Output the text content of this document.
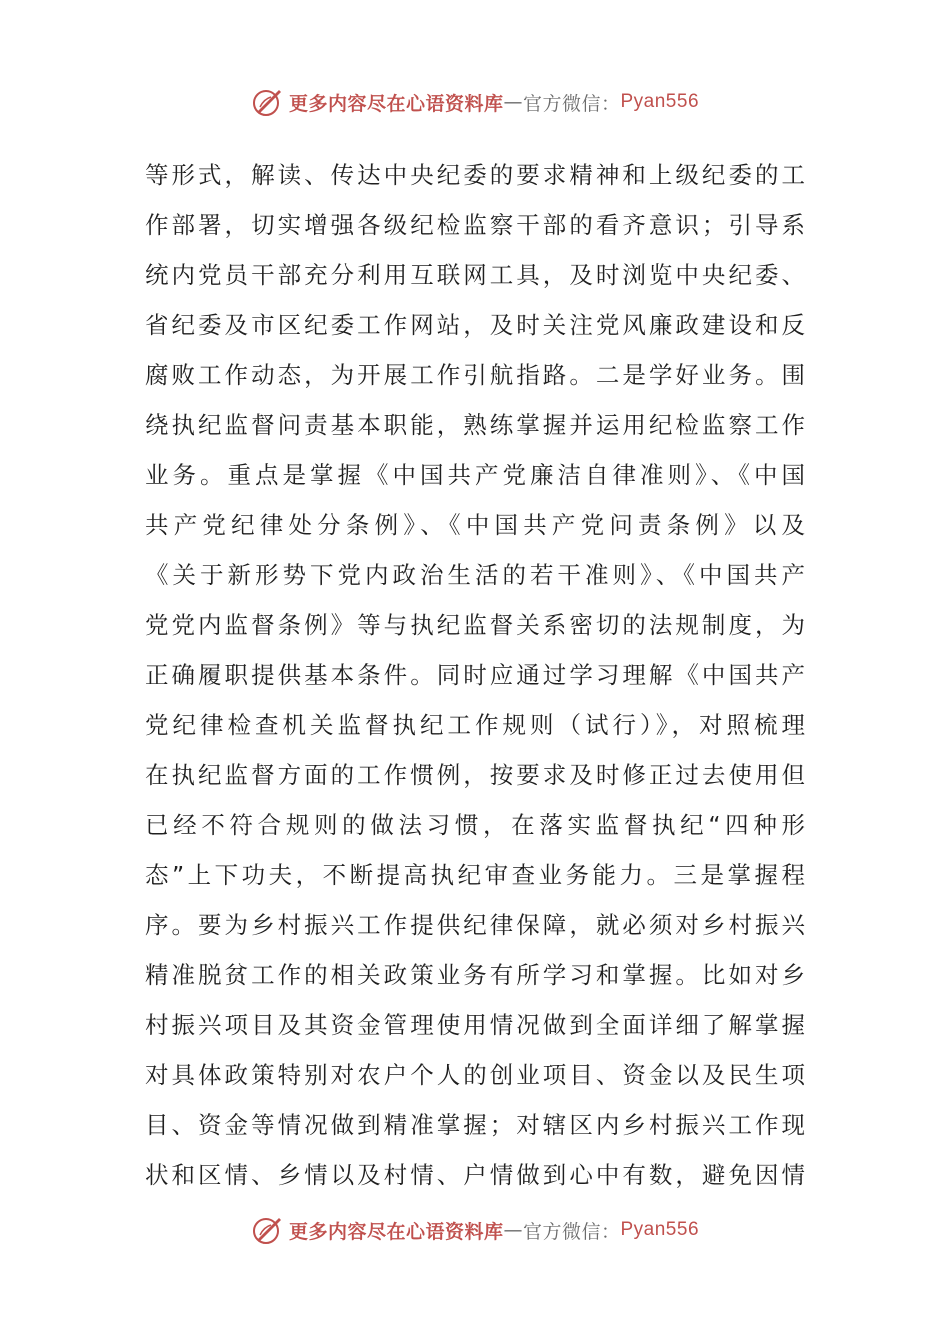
更多内容尽在心语资料库 — 官方微信： Pyan556
等形式，解读、传达中央纪委的要求精神和上级纪委的工
作部署，切实增强各级纪检监察干部的看齐意识；引导系
统内党员干部充分利用互联网工具，及时浏览中央纪委、
省纪委及市区纪委工作网站，及时关注党风廉政建设和反
腐败工作动态，为开展工作引航指路。二是学好业务。围
绕执纪监督问责基本职能，熟练掌握并运用纪检监察工作
业务。重点是掌握《中国共产党廉洁自律准则》、《中国
共产党纪律处分条例》、《中国共产党问责条例》以及
《关于新形势下党内政治生活的若干准则》、《中国共产
党党内监督条例》等与执纪监督关系密切的法规制度，为
正确履职提供基本条件。同时应通过学习理解《中国共产
党纪律检查机关监督执纪工作规则（试行）》，对照梳理
在执纪监督方面的工作惯例，按要求及时修正过去使用但
已经不符合规则的做法习惯，在落实监督执纪“四种形
态”上下功夫，不断提高执纪审查业务能力。三是掌握程
序。要为乡村振兴工作提供纪律保障，就必须对乡村振兴
精准脱贫工作的相关政策业务有所学习和掌握。比如对乡
村振兴项目及其资金管理使用情况做到全面详细了解掌握
对具体政策特别对农户个人的创业项目、资金以及民生项
目、资金等情况做到精准掌握；对辖区内乡村振兴工作现
状和区情、乡情以及村情、户情做到心中有数，避免因情
更多内容尽在心语资料库 — 官方微信： Pyan556
